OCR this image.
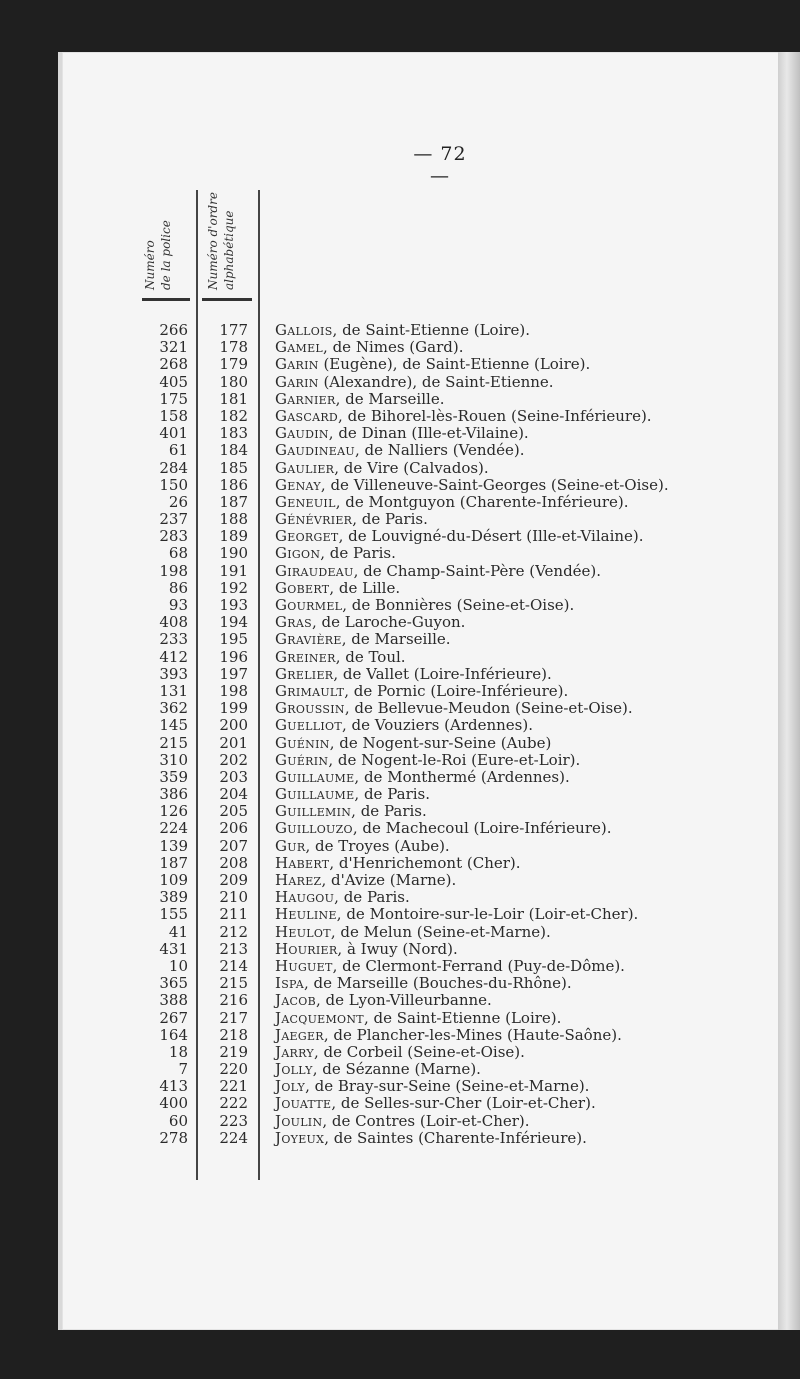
— 72 —
Numéro de la police	Numéro d'ordre alphabétique
266	177 Gallois, de Saint-Etienne (Loire).
321	178 Gamel, de Nimes (Gard).
268	179 Garin (Eugène), de Saint-Etienne (Loire).
405	180 Garin (Alexandre), de Saint-Etienne.
175	181 Garnier, de Marseille.
158	182 Gascard, de Bihorel-lès-Rouen (Seine-Inférieure).
401	183 Gaudin, de Dinan (Ille-et-Vilaine).
61	184 Gaudineau, de Nalliers (Vendée).
284	185 Gaulier, de Vire (Calvados).
150	186 Genay, de Villeneuve-Saint-Georges (Seine-et-Oise).
26	187 Geneuil, de Montguyon (Charente-Inférieure).
237	188 Génévrier, de Paris.
283	189 Georget, de Louvigné-du-Désert (Ille-et-Vilaine).
68	190 Gigon, de Paris.
198	191 Giraudeau, de Champ-Saint-Père (Vendée).
86	192 Gobert, de Lille.
93	193 Gourmel, de Bonnières (Seine-et-Oise).
408	194 Gras, de Laroche-Guyon.
233	195 Gravière, de Marseille.
412	196 Greiner, de Toul.
393	197 Grelier, de Vallet (Loire-Inférieure).
131	198 Grimault, de Pornic (Loire-Inférieure).
362	199 Groussin, de Bellevue-Meudon (Seine-et-Oise).
145	200 Guelliot, de Vouziers (Ardennes).
215	201 Guénin, de Nogent-sur-Seine (Aube)
310	202 Guérin, de Nogent-le-Roi (Eure-et-Loir).
359	203 Guillaume, de Monthermé (Ardennes).
386	204 Guillaume, de Paris.
126	205 Guillemin, de Paris.
224	206 Guillouzo, de Machecoul (Loire-Inférieure).
139	207 Gur, de Troyes (Aube).
187	208 Habert, d'Henrichemont (Cher).
109	209 Harez, d'Avize (Marne).
389	210 Haugou, de Paris.
155	211 Heuline, de Montoire-sur-le-Loir (Loir-et-Cher).
41	212 Heulot, de Melun (Seine-et-Marne).
431	213 Hourier, à Iwuy (Nord).
10	214 Huguet, de Clermont-Ferrand (Puy-de-Dôme).
365	215 Ispa, de Marseille (Bouches-du-Rhône).
388	216 Jacob, de Lyon-Villeurbanne.
267	217 Jacquemont, de Saint-Etienne (Loire).
164	218 Jaeger, de Plancher-les-Mines (Haute-Saône).
18	219 Jarry, de Corbeil (Seine-et-Oise).
7	220 Jolly, de Sézanne (Marne).
413	221 Joly, de Bray-sur-Seine (Seine-et-Marne).
400	222 Jouatte, de Selles-sur-Cher (Loir-et-Cher).
60	223 Joulin, de Contres (Loir-et-Cher).
278	224 Joyeux, de Saintes (Charente-Inférieure).
